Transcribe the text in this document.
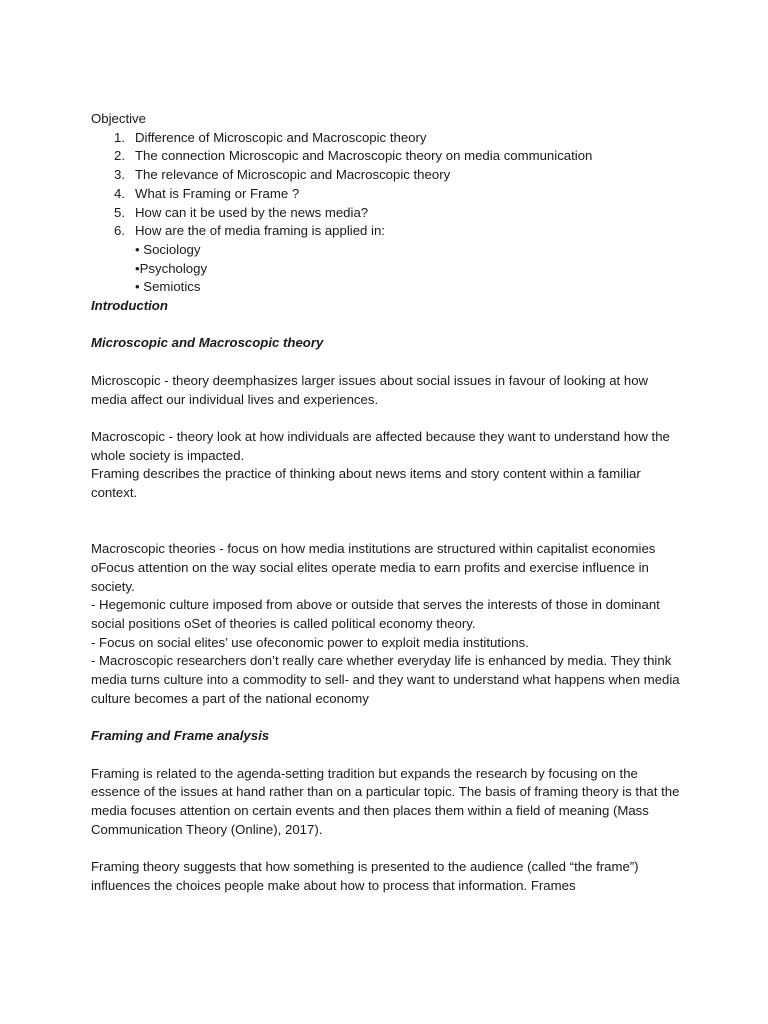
Objective

1. Difference of Microscopic and Macroscopic theory
2. The connection Microscopic and Macroscopic theory on media communication
3. The relevance of Microscopic and Macroscopic theory
4. What is Framing or Frame ?
5. How can it be used by the news media?
6. How are the of media framing is applied in:
• Sociology
•Psychology
• Semiotics

Introduction

Microscopic and Macroscopic theory

Microscopic - theory deemphasizes larger issues about social issues in favour of looking at how media affect our individual lives and experiences.

Macroscopic - theory look at how individuals are affected because they want to understand how the whole society is impacted.

Framing describes the practice of thinking about news items and story content within a familiar context.

Macroscopic theories - focus on how media institutions are structured within capitalist economies oFocus attention on the way social elites operate media to earn profits and exercise influence in society.

- Hegemonic culture imposed from above or outside that serves the interests of those in dominant social positions oSet of theories is called political economy theory.

- Focus on social elites’ use ofeconomic power to exploit media institutions.

- Macroscopic researchers don’t really care whether everyday life is enhanced by media. They think media turns culture into a commodity to sell- and they want to understand what happens when media culture becomes a part of the national economy

Framing and Frame analysis

Framing is related to the agenda-setting tradition but expands the research by focusing on the essence of the issues at hand rather than on a particular topic. The basis of framing theory is that the media focuses attention on certain events and then places them within a field of meaning (Mass Communication Theory (Online), 2017).

Framing theory suggests that how something is presented to the audience (called “the frame”) influences the choices people make about how to process that information. Frames
